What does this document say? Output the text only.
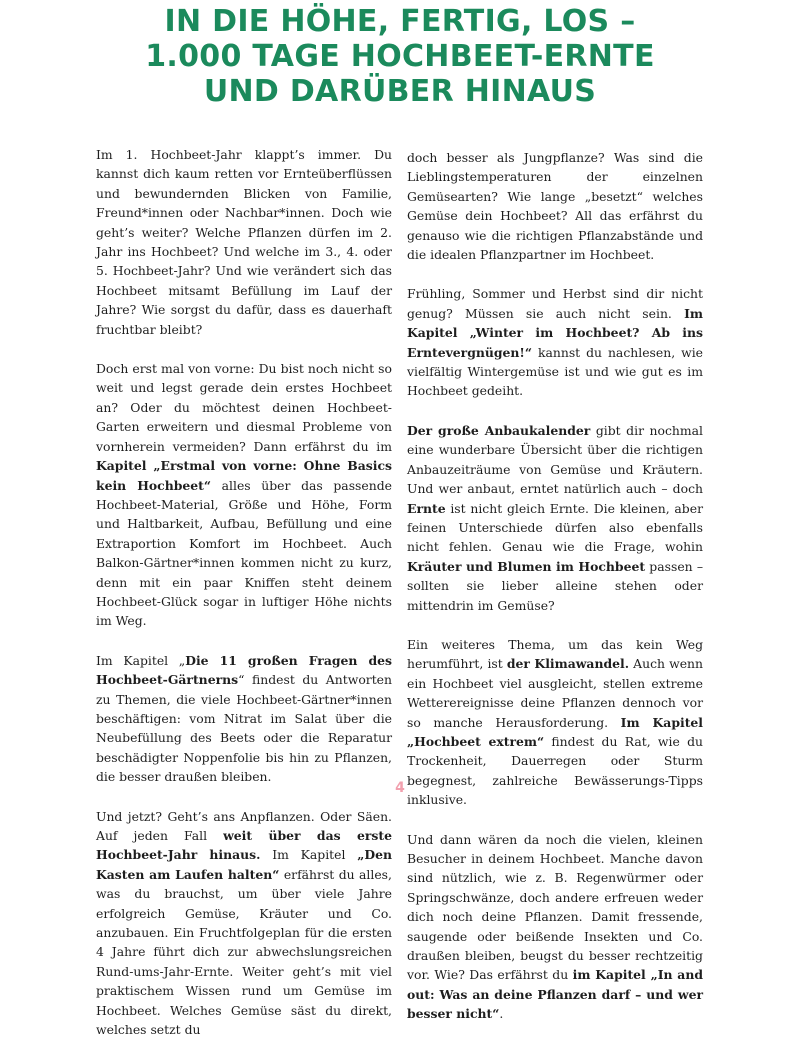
IN DIE HÖHE, FERTIG, LOS –
1.000 TAGE HOCHBEET-ERNTE
UND DARÜBER HINAUS

Im 1. Hochbeet-Jahr klappt’s immer. Du kannst dich kaum retten vor Ernteüberflüssen und bewundernden Blicken von Familie, Freund*innen oder Nachbar*innen. Doch wie geht’s weiter? Welche Pflanzen dürfen im 2. Jahr ins Hochbeet? Und welche im 3., 4. oder 5. Hochbeet-Jahr? Und wie verändert sich das Hochbeet mitsamt Befüllung im Lauf der Jahre? Wie sorgst du dafür, dass es dauerhaft fruchtbar bleibt?

Doch erst mal von vorne: Du bist noch nicht so weit und legst gerade dein erstes Hochbeet an? Oder du möchtest deinen Hochbeet-Garten erweitern und diesmal Probleme von vornherein vermeiden? Dann erfährst du im Kapitel „Erstmal von vorne: Ohne Basics kein Hochbeet“ alles über das passende Hochbeet-Material, Größe und Höhe, Form und Haltbarkeit, Aufbau, Befüllung und eine Extraportion Komfort im Hochbeet. Auch Balkon-Gärtner*innen kommen nicht zu kurz, denn mit ein paar Kniffen steht deinem Hochbeet-Glück sogar in luftiger Höhe nichts im Weg.

Im Kapitel „Die 11 großen Fragen des Hochbeet-Gärtnerns“ findest du Antworten zu Themen, die viele Hochbeet-Gärtner*innen beschäftigen: vom Nitrat im Salat über die Neubefüllung des Beets oder die Reparatur beschädigter Noppenfolie bis hin zu Pflanzen, die besser draußen bleiben.

Und jetzt? Geht’s ans Anpflanzen. Oder Säen. Auf jeden Fall weit über das erste Hochbeet-Jahr hinaus. Im Kapitel „Den Kasten am Laufen halten“ erfährst du alles, was du brauchst, um über viele Jahre erfolgreich Gemüse, Kräuter und Co. anzubauen. Ein Fruchtfolgeplan für die ersten 4 Jahre führt dich zur abwechslungsreichen Rund-ums-Jahr-Ernte. Weiter geht’s mit viel praktischem Wissen rund um Gemüse im Hochbeet. Welches Gemüse säst du direkt, welches setzt du

doch besser als Jungpflanze? Was sind die Lieblingstemperaturen der einzelnen Gemüsearten? Wie lange „besetzt“ welches Gemüse dein Hochbeet? All das erfährst du genauso wie die richtigen Pflanzabstände und die idealen Pflanzpartner im Hochbeet.

Frühling, Sommer und Herbst sind dir nicht genug? Müssen sie auch nicht sein. Im Kapitel „Winter im Hochbeet? Ab ins Erntevergnügen!“ kannst du nachlesen, wie vielfältig Wintergemüse ist und wie gut es im Hochbeet gedeiht.

Der große Anbaukalender gibt dir nochmal eine wunderbare Übersicht über die richtigen Anbauzeiträume von Gemüse und Kräutern. Und wer anbaut, erntet natürlich auch – doch Ernte ist nicht gleich Ernte. Die kleinen, aber feinen Unterschiede dürfen also ebenfalls nicht fehlen. Genau wie die Frage, wohin Kräuter und Blumen im Hochbeet passen – sollten sie lieber alleine stehen oder mittendrin im Gemüse?

Ein weiteres Thema, um das kein Weg herumführt, ist der Klimawandel. Auch wenn ein Hochbeet viel ausgleicht, stellen extreme Wetterereignisse deine Pflanzen dennoch vor so manche Herausforderung. Im Kapitel „Hochbeet extrem“ findest du Rat, wie du Trockenheit, Dauerregen oder Sturm begegnest, zahlreiche Bewässerungs-Tipps inklusive.

Und dann wären da noch die vielen, kleinen Besucher in deinem Hochbeet. Manche davon sind nützlich, wie z. B. Regenwürmer oder Springschwänze, doch andere erfreuen weder dich noch deine Pflanzen. Damit fressende, saugende oder beißende Insekten und Co. draußen bleiben, beugst du besser rechtzeitig vor. Wie? Das erfährst du im Kapitel „In and out: Was an deine Pflanzen darf – und wer besser nicht“.

4
